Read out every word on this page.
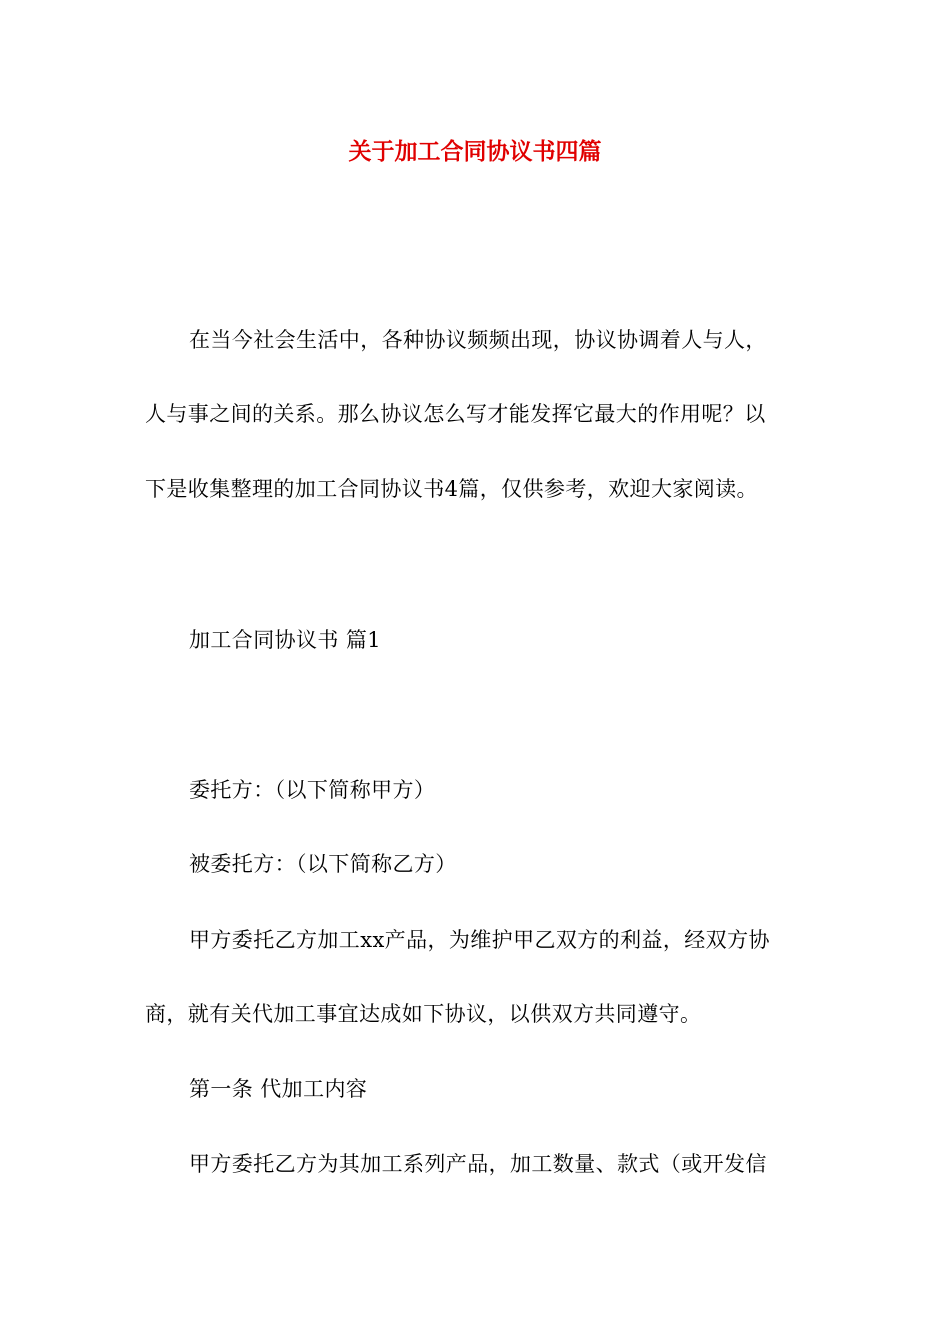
关于加工合同协议书四篇
在当今社会生活中，各种协议频频出现，协议协调着人与人，
人与事之间的关系。那么协议怎么写才能发挥它最大的作用呢？以
下是收集整理的加工合同协议书4篇，仅供参考，欢迎大家阅读。
加工合同协议书 篇1
委托方：（以下简称甲方）
被委托方：（以下简称乙方）
甲方委托乙方加工xx产品，为维护甲乙双方的利益，经双方协
商，就有关代加工事宜达成如下协议，以供双方共同遵守。
第一条 代加工内容
甲方委托乙方为其加工系列产品，加工数量、款式（或开发信
